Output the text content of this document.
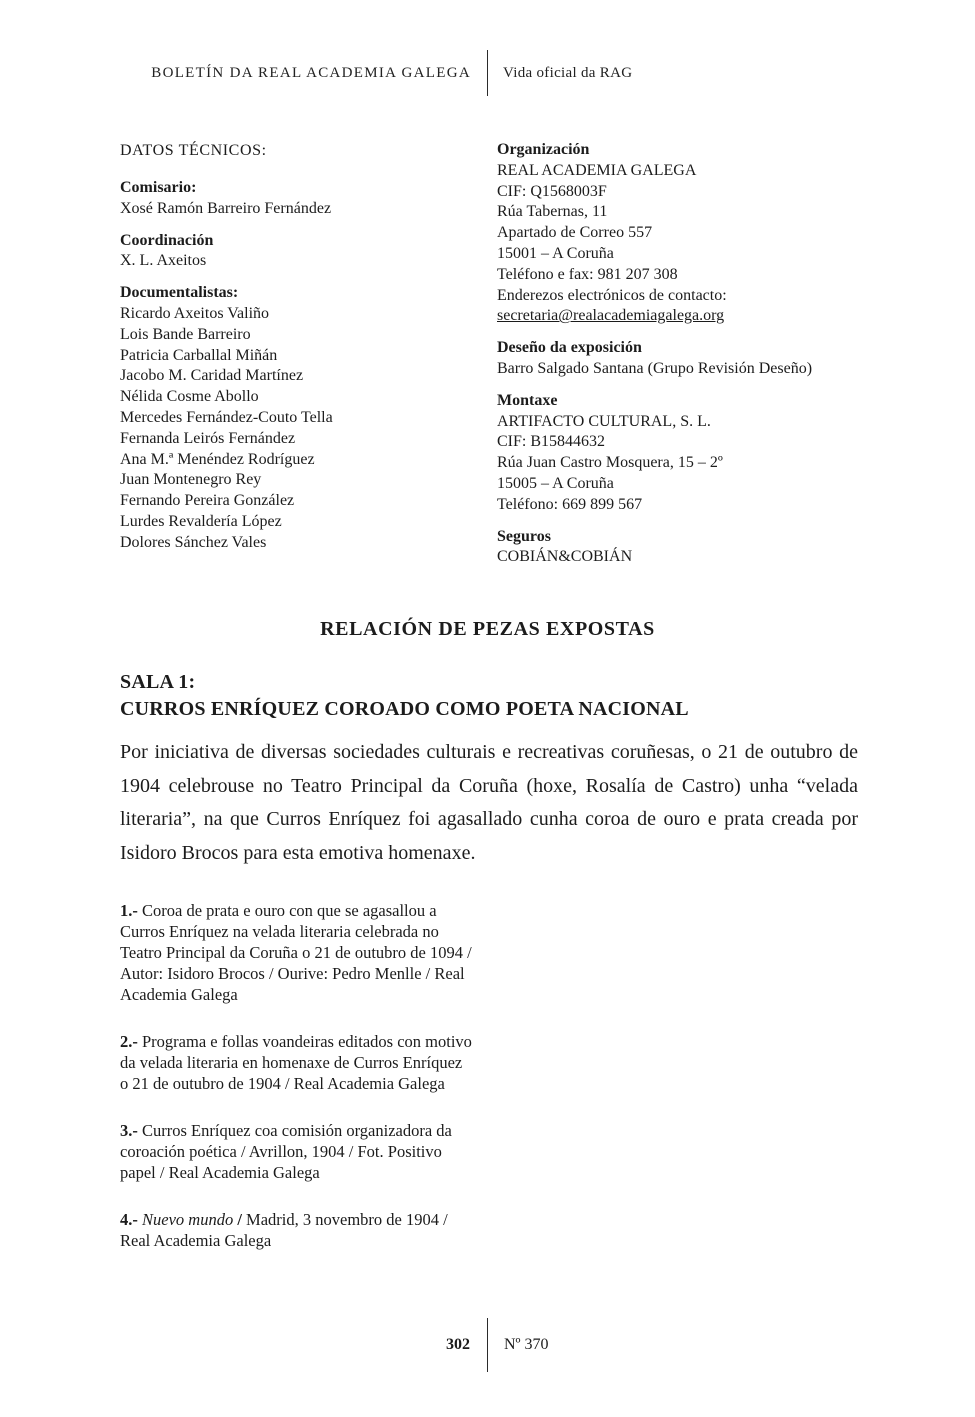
BOLETÍN DA REAL ACADEMIA GALEGA	Vida oficial da RAG
DATOS TÉCNICOS:
Comisario:
Xosé Ramón Barreiro Fernández
Coordinación
X. L. Axeitos
Documentalistas:
Ricardo Axeitos Valiño
Lois Bande Barreiro
Patricia Carballal Miñán
Jacobo M. Caridad Martínez
Nélida Cosme Abollo
Mercedes Fernández-Couto Tella
Fernanda Leirós Fernández
Ana M.ª Menéndez Rodríguez
Juan Montenegro Rey
Fernando Pereira González
Lurdes Revaldería López
Dolores Sánchez Vales
Organización
REAL ACADEMIA GALEGA
CIF: Q1568003F
Rúa Tabernas, 11
Apartado de Correo 557
15001 – A Coruña
Teléfono e fax: 981 207 308
Enderezos electrónicos de contacto:
secretaria@realacademiagalega.org
Deseño da exposición
Barro Salgado Santana (Grupo Revisión Deseño)
Montaxe
ARTIFACTO CULTURAL, S. L.
CIF: B15844632
Rúa Juan Castro Mosquera, 15 – 2º
15005 – A Coruña
Teléfono: 669 899 567
Seguros
COBIÁN&COBIÁN
RELACIÓN DE PEZAS EXPOSTAS
SALA 1:
CURROS ENRÍQUEZ COROADO COMO POETA NACIONAL
Por iniciativa de diversas sociedades culturais e recreativas coruñesas, o 21 de outubro de 1904 celebrouse no Teatro Principal da Coruña (hoxe, Rosalía de Castro) unha “velada literaria”, na que Curros Enríquez foi agasallado cunha coroa de ouro e prata creada por Isidoro Brocos para esta emotiva homenaxe.
1.- Coroa de prata e ouro con que se agasallou a Curros Enríquez na velada literaria celebrada no Teatro Principal da Coruña o 21 de outubro de 1094 / Autor: Isidoro Brocos / Ourive: Pedro Menlle / Real Academia Galega
2.- Programa e follas voandeiras editados con motivo da velada literaria en homenaxe de Curros Enríquez o 21 de outubro de 1904 / Real Academia Galega
3.- Curros Enríquez coa comisión organizadora da coroación poética / Avrillon, 1904 / Fot. Positivo papel / Real Academia Galega
4.- Nuevo mundo / Madrid, 3 novembro de 1904 / Real Academia Galega
302	Nº 370
